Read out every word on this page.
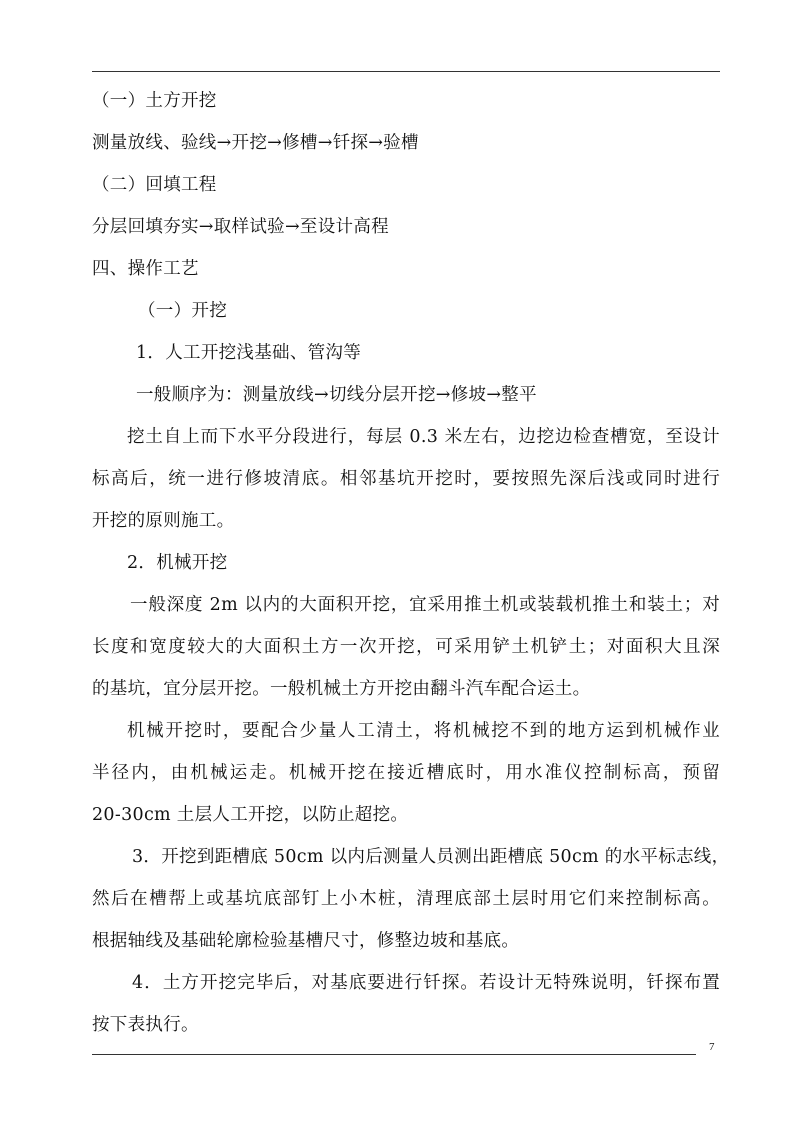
（一）土方开挖
测量放线、验线→开挖→修槽→钎探→验槽
（二）回填工程
分层回填夯实→取样试验→至设计高程
四、操作工艺
（一）开挖
1．人工开挖浅基础、管沟等
一般顺序为：测量放线→切线分层开挖→修坡→整平
挖土自上而下水平分段进行，每层 0.3 米左右，边挖边检查槽宽，至设计
标高后，统一进行修坡清底。相邻基坑开挖时，要按照先深后浅或同时进行
开挖的原则施工。
2．机械开挖
一般深度 2m 以内的大面积开挖，宜采用推土机或装载机推土和装土；对
长度和宽度较大的大面积土方一次开挖，可采用铲土机铲土；对面积大且深
的基坑，宜分层开挖。一般机械土方开挖由翻斗汽车配合运土。
机械开挖时，要配合少量人工清土，将机械挖不到的地方运到机械作业
半径内，由机械运走。机械开挖在接近槽底时，用水准仪控制标高，预留
20-30cm 土层人工开挖，以防止超挖。
3．开挖到距槽底 50cm 以内后测量人员测出距槽底 50cm 的水平标志线，
然后在槽帮上或基坑底部钉上小木桩，清理底部土层时用它们来控制标高。
根据轴线及基础轮廓检验基槽尺寸，修整边坡和基底。
4．土方开挖完毕后，对基底要进行钎探。若设计无特殊说明，钎探布置
按下表执行。
7
